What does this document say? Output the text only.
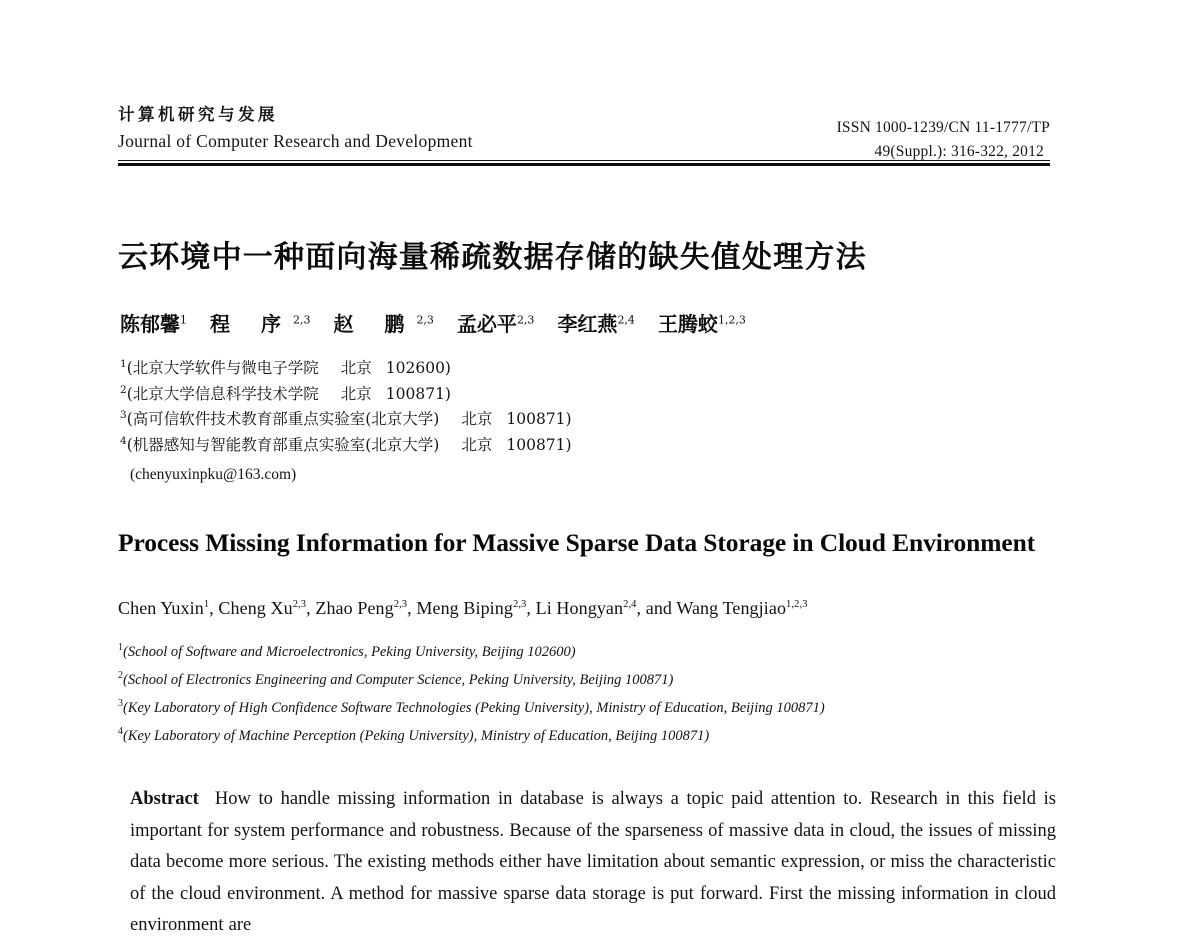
计算机研究与发展
Journal of Computer Research and Development
ISSN 1000-1239/CN 11-1777/TP
49(Suppl.): 316-322, 2012
云环境中一种面向海量稀疏数据存储的缺失值处理方法
陈郁馨$^1$ 程 序$^{2,3}$ 赵 鹏$^{2,3}$ 孟必平$^{2,3}$ 李红燕$^{2,4}$ 王腾蛟$^{1,2,3}$
$^1$(北京大学软件与微电子学院 北京 102600)
$^2$(北京大学信息科学技术学院 北京 100871)
$^3$(高可信软件技术教育部重点实验室(北京大学) 北京 100871)
$^4$(机器感知与智能教育部重点实验室(北京大学) 北京 100871)
(chenyuxinpku@163.com)
Process Missing Information for Massive Sparse Data Storage in Cloud Environment
Chen Yuxin$^1$, Cheng Xu$^{2,3}$, Zhao Peng$^{2,3}$, Meng Biping$^{2,3}$, Li Hongyan$^{2,4}$, and Wang Tengjiao$^{1,2,3}$
$^1$(School of Software and Microelectronics, Peking University, Beijing 102600)
$^2$(School of Electronics Engineering and Computer Science, Peking University, Beijing 100871)
$^3$(Key Laboratory of High Confidence Software Technologies (Peking University), Ministry of Education, Beijing 100871)
$^4$(Key Laboratory of Machine Perception (Peking University), Ministry of Education, Beijing 100871)
Abstract How to handle missing information in database is always a topic paid attention to. Research in this field is important for system performance and robustness. Because of the sparseness of massive data in cloud, the issues of missing data become more serious. The existing methods either have limitation about semantic expression, or miss the characteristic of the cloud environment. A method for massive sparse data storage is put forward. First the missing information in cloud environment are
